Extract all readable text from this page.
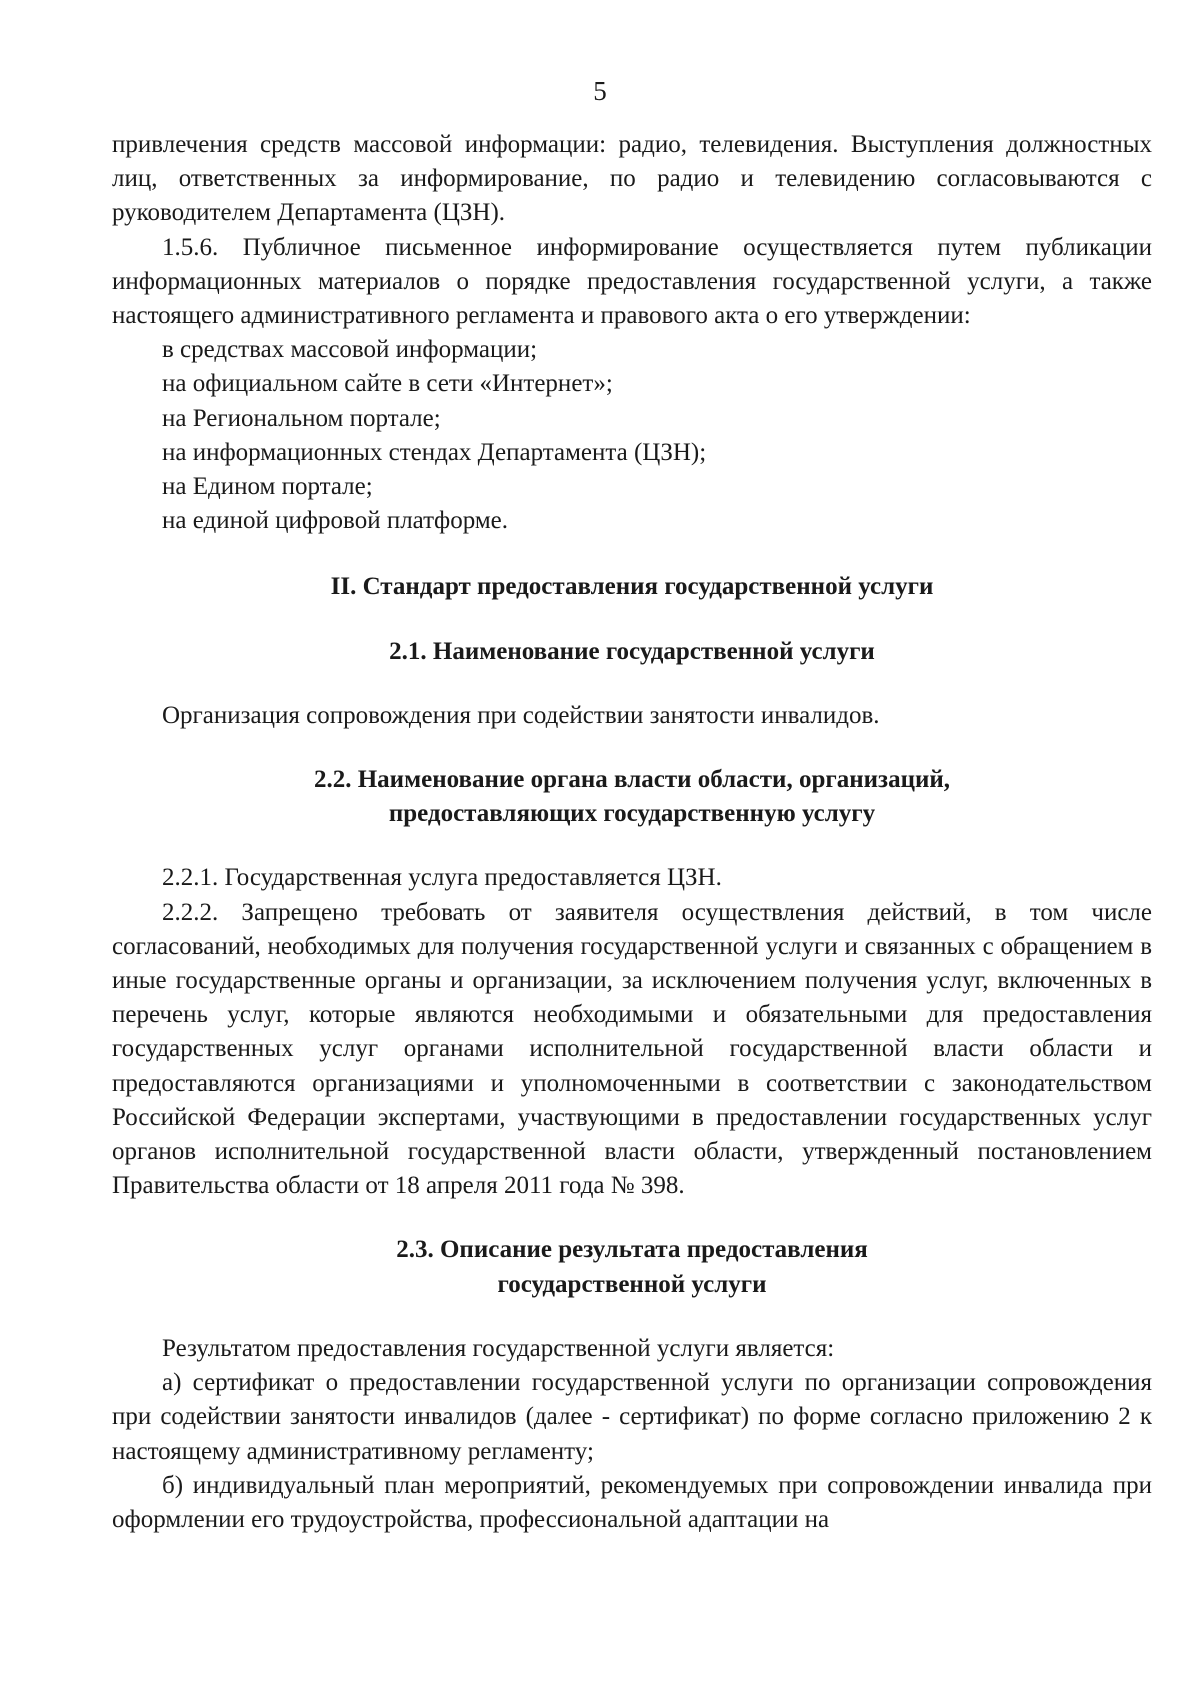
5

привлечения средств массовой информации: радио, телевидения. Выступления должностных лиц, ответственных за информирование, по радио и телевидению согласовываются с руководителем Департамента (ЦЗН).

1.5.6. Публичное письменное информирование осуществляется путем публикации информационных материалов о порядке предоставления государственной услуги, а также настоящего административного регламента и правового акта о его утверждении:

в средствах массовой информации;

на официальном сайте в сети «Интернет»;

на Региональном портале;

на информационных стендах Департамента (ЦЗН);

на Едином портале;

на единой цифровой платформе.

II. Стандарт предоставления государственной услуги
2.1. Наименование государственной услуги

Организация сопровождения при содействии занятости инвалидов.

2.2. Наименование органа власти области, организаций,
предоставляющих государственную услугу

2.2.1. Государственная услуга предоставляется ЦЗН.

2.2.2. Запрещено требовать от заявителя осуществления действий, в том числе согласований, необходимых для получения государственной услуги и связанных с обращением в иные государственные органы и организации, за исключением получения услуг, включенных в перечень услуг, которые являются необходимыми и обязательными для предоставления государственных услуг органами исполнительной государственной власти области и предоставляются организациями и уполномоченными в соответствии с законодательством Российской Федерации экспертами, участвующими в предоставлении государственных услуг органов исполнительной государственной власти области, утвержденный постановлением Правительства области от 18 апреля 2011 года № 398.

2.3. Описание результата предоставления
государственной услуги

Результатом предоставления государственной услуги является:

а) сертификат о предоставлении государственной услуги по организации сопровождения при содействии занятости инвалидов (далее - сертификат) по форме согласно приложению 2 к настоящему административному регламенту;

б) индивидуальный план мероприятий, рекомендуемых при сопровождении инвалида при оформлении его трудоустройства, профессиональной адаптации на
